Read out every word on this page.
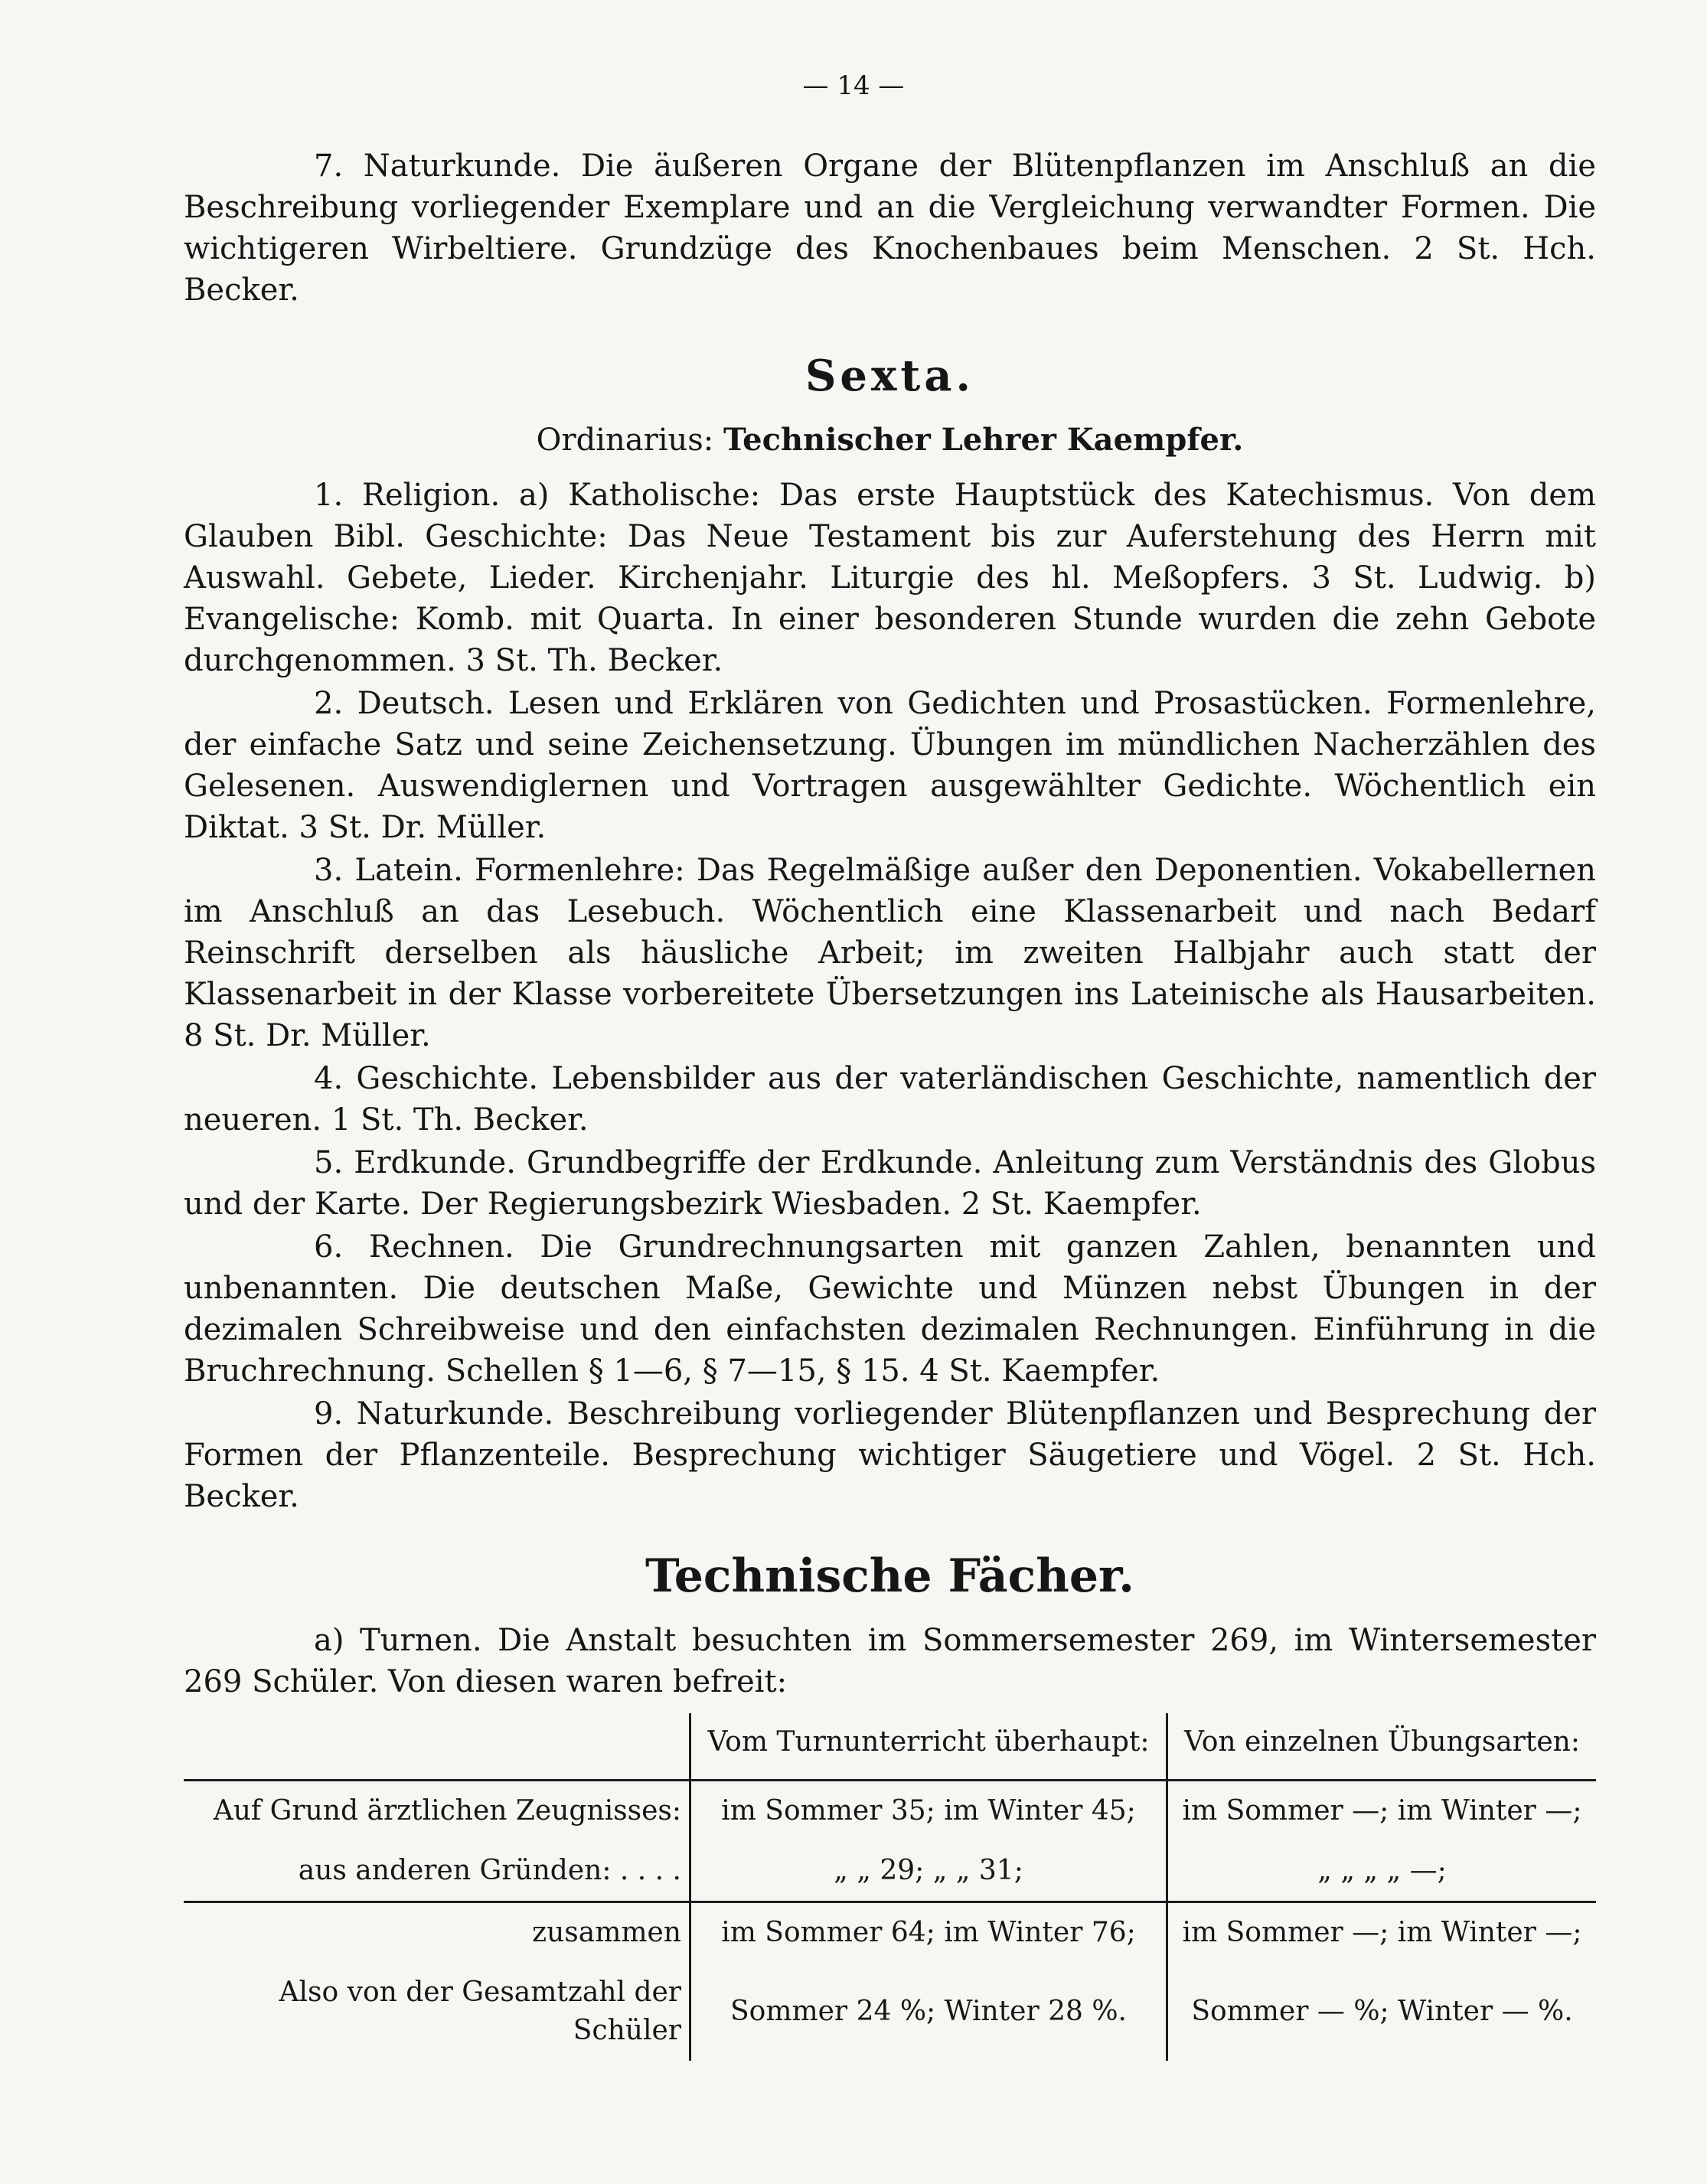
— 14 —

7. Naturkunde. Die äußeren Organe der Blütenpflanzen im Anschluß an die Beschreibung vorliegender Exemplare und an die Vergleichung verwandter Formen. Die wichtigeren Wirbeltiere. Grundzüge des Knochenbaues beim Menschen. 2 St. Hch. Becker.

Sexta.
Ordinarius: Technischer Lehrer Kaempfer.

1. Religion. a) Katholische: Das erste Hauptstück des Katechismus. Von dem Glauben Bibl. Geschichte: Das Neue Testament bis zur Auferstehung des Herrn mit Auswahl. Gebete, Lieder. Kirchenjahr. Liturgie des hl. Meßopfers. 3 St. Ludwig. b) Evangelische: Komb. mit Quarta. In einer besonderen Stunde wurden die zehn Gebote durchgenommen. 3 St. Th. Becker.

2. Deutsch. Lesen und Erklären von Gedichten und Prosastücken. Formenlehre, der einfache Satz und seine Zeichensetzung. Übungen im mündlichen Nacherzählen des Gelesenen. Auswendiglernen und Vortragen ausgewählter Gedichte. Wöchentlich ein Diktat. 3 St. Dr. Müller.

3. Latein. Formenlehre: Das Regelmäßige außer den Deponentien. Vokabellernen im Anschluß an das Lesebuch. Wöchentlich eine Klassenarbeit und nach Bedarf Reinschrift derselben als häusliche Arbeit; im zweiten Halbjahr auch statt der Klassenarbeit in der Klasse vorbereitete Übersetzungen ins Lateinische als Hausarbeiten. 8 St. Dr. Müller.

4. Geschichte. Lebensbilder aus der vaterländischen Geschichte, namentlich der neueren. 1 St. Th. Becker.

5. Erdkunde. Grundbegriffe der Erdkunde. Anleitung zum Verständnis des Globus und der Karte. Der Regierungsbezirk Wiesbaden. 2 St. Kaempfer.

6. Rechnen. Die Grundrechnungsarten mit ganzen Zahlen, benannten und unbenannten. Die deutschen Maße, Gewichte und Münzen nebst Übungen in der dezimalen Schreibweise und den einfachsten dezimalen Rechnungen. Einführung in die Bruchrechnung. Schellen § 1—6, § 7—15, § 15. 4 St. Kaempfer.

9. Naturkunde. Beschreibung vorliegender Blütenpflanzen und Besprechung der Formen der Pflanzenteile. Besprechung wichtiger Säugetiere und Vögel. 2 St. Hch. Becker.

Technische Fächer.

a) Turnen. Die Anstalt besuchten im Sommersemester 269, im Wintersemester 269 Schüler. Von diesen waren befreit:

	Vom Turnunterricht überhaupt:	Von einzelnen Übungsarten:
Auf Grund ärztlichen Zeugnisses:	im Sommer 35; im Winter 45;	im Sommer —; im Winter —;
aus anderen Gründen: . . . .	„ „ 29; „ „ 31;	„ „ „ „ —;
zusammen	im Sommer 64; im Winter 76;	im Sommer —; im Winter —;
Also von der Gesamtzahl der Schüler	Sommer 24 %; Winter 28 %.	Sommer — %; Winter — %.
